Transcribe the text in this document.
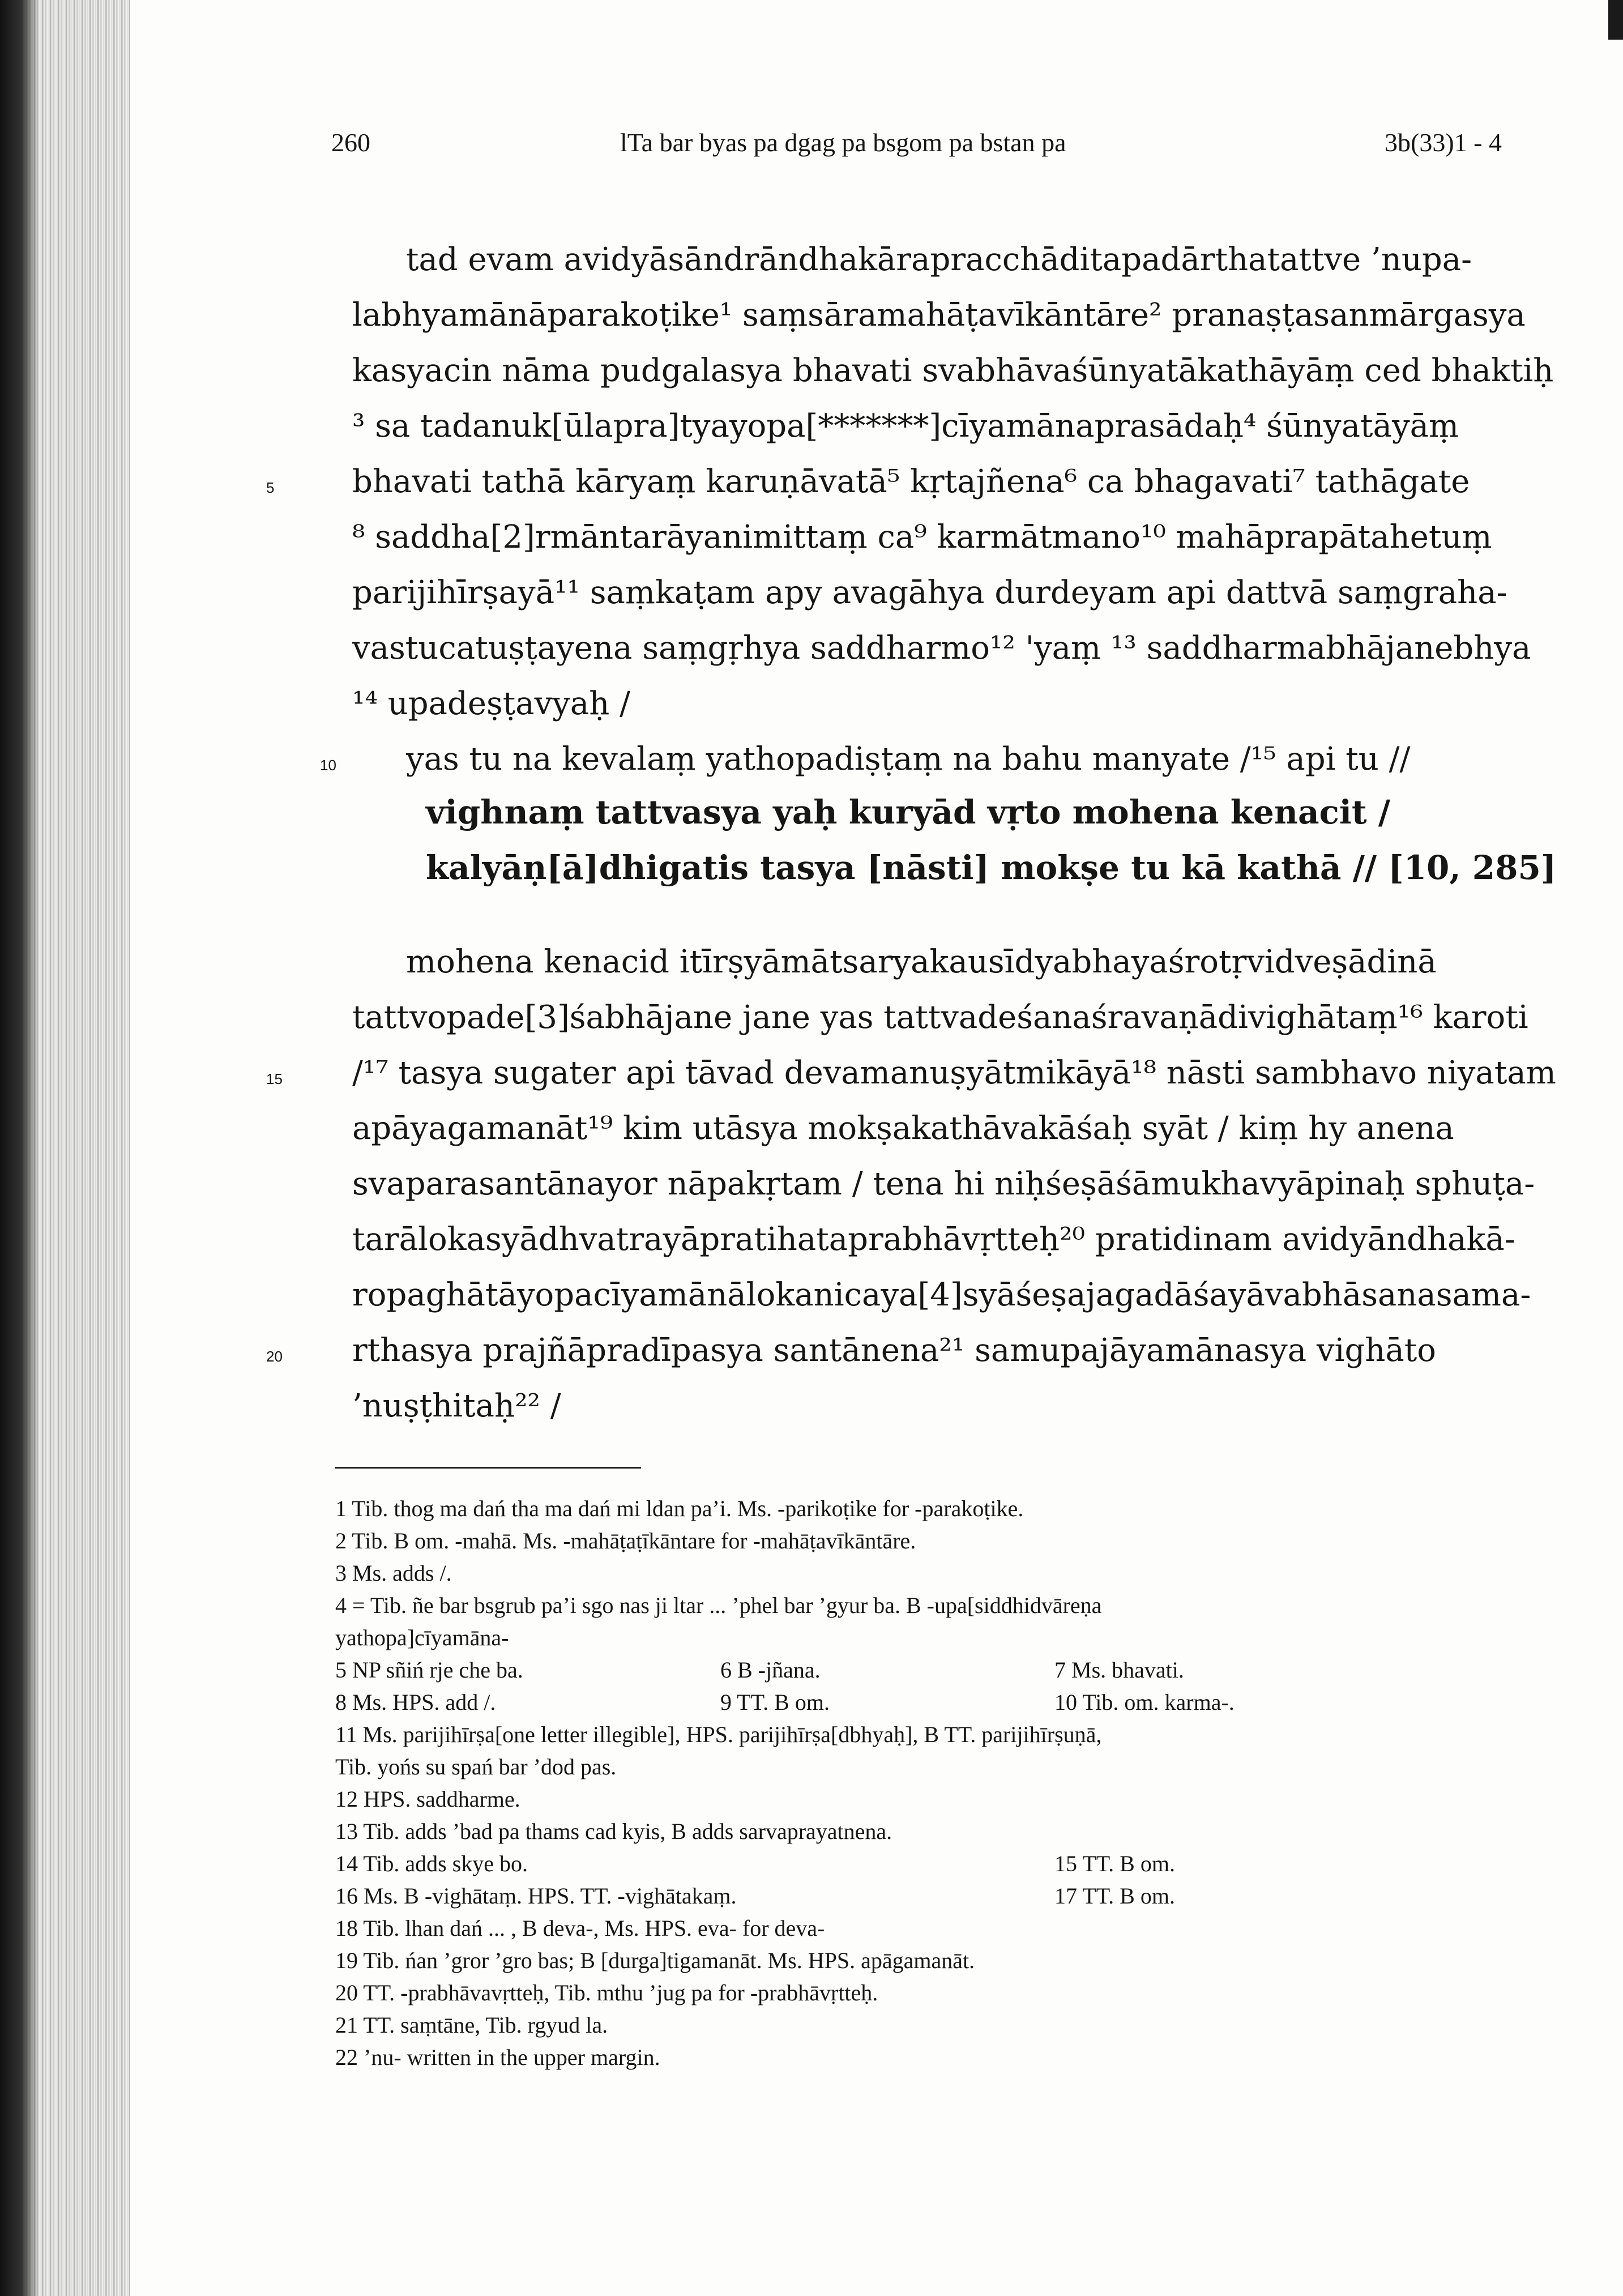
260	lTa bar byas pa dgag pa bsgom pa bstan pa	3b(33)1 - 4
tad evam avidyāsāndrāndhakārapracchāditapadārthatattve ’nupa-
labhyamānāparakoṭike¹ saṃsāramahāṭavīkāntāre² pranaṣṭasanmārgasya
kasyacin nāma pudgalasya bhavati svabhāvaśūnyatākathāyāṃ ced bhaktiḥ
³ sa tadanuk[ūlapra]tyayopa[*******]cīyamānaprasādaḥ⁴ śūnyatāyāṃ
5 bhavati tathā kāryaṃ karuṇāvatā⁵ kṛtajñena⁶ ca bhagavati⁷ tathāgate
⁸ saddha[2]rmāntarāyanimittaṃ ca⁹ karmātmano¹⁰ mahāprapātahetuṃ
parijihīrṣayā¹¹ saṃkaṭam apy avagāhya durdeyam api dattvā saṃgraha-
vastucatuṣṭayena saṃgṛhya saddharmo¹² 'yaṃ ¹³ saddharmabhājanebhya
¹⁴ upadeṣṭavyaḥ /
10 yas tu na kevalaṃ yathopadiṣṭaṃ na bahu manyate /¹⁵ api tu //
vighnaṃ tattvasya yaḥ kuryād vṛto mohena kenacit /
kalyāṇ[ā]dhigatis tasya [nāsti] mokṣe tu kā kathā // [10, 285]
mohena kenacid itīrṣyāmātsaryakausīdyabhayaśrotṛvidveṣādinā
tattvopade[3]śabhājane jane yas tattvadeśanaśravaṇādivighātaṃ¹⁶ karoti
15 /¹⁷ tasya sugater api tāvad devamanuṣyātmikāyā¹⁸ nāsti sambhavo niyatam
apāyagamanāt¹⁹ kim utāsya mokṣakathāvakāśaḥ syāt / kiṃ hy anena
svaparasantānayor nāpakṛtam / tena hi niḥśeṣāśāmukhavyāpinaḥ sphuṭa-
tarālokasyādhvatrayāpratihataprabhāvṛtteḥ²⁰ pratidinam avidyāndhakā-
ropaghātāyopacīyamānālokanicaya[4]syāśeṣajagadāśayāvabhāsanasama-
20 rthasya prajñāpradīpasya santānena²¹ samupajāyamānasya vighāto
’nuṣṭhitaḥ²² /
1 Tib. thog ma dań tha ma dań mi ldan pa’i. Ms. -parikoṭike for -parakoṭike.
2 Tib. B om. -mahā. Ms. -mahāṭaṭīkāntare for -mahāṭavīkāntāre.
3 Ms. adds /.
4 = Tib. ñe bar bsgrub pa’i sgo nas ji ltar ... ’phel bar ’gyur ba. B -upa[siddhidvāreṇa
yathopa]cīyamāna-
5 NP sñiń rje che ba.	6 B -jñana.	7 Ms. bhavati.
8 Ms. HPS. add /.	9 TT. B om.	10 Tib. om. karma-.
11 Ms. parijihīrṣa[one letter illegible], HPS. parijihīrṣa[dbhyaḥ], B TT. parijihīrṣuṇā,
Tib. yońs su spań bar ’dod pas.
12 HPS. saddharme.
13 Tib. adds ’bad pa thams cad kyis, B adds sarvaprayatnena.
14 Tib. adds skye bo.	15 TT. B om.
16 Ms. B -vighātaṃ. HPS. TT. -vighātakaṃ.	17 TT. B om.
18 Tib. lhan dań ... , B deva-, Ms. HPS. eva- for deva-
19 Tib. ńan ’gror ’gro bas; B [durga]tigamanāt. Ms. HPS. apāgamanāt.
20 TT. -prabhāvavṛtteḥ, Tib. mthu ’jug pa for -prabhāvṛtteḥ.
21 TT. saṃtāne, Tib. rgyud la.
22 ’nu- written in the upper margin.
